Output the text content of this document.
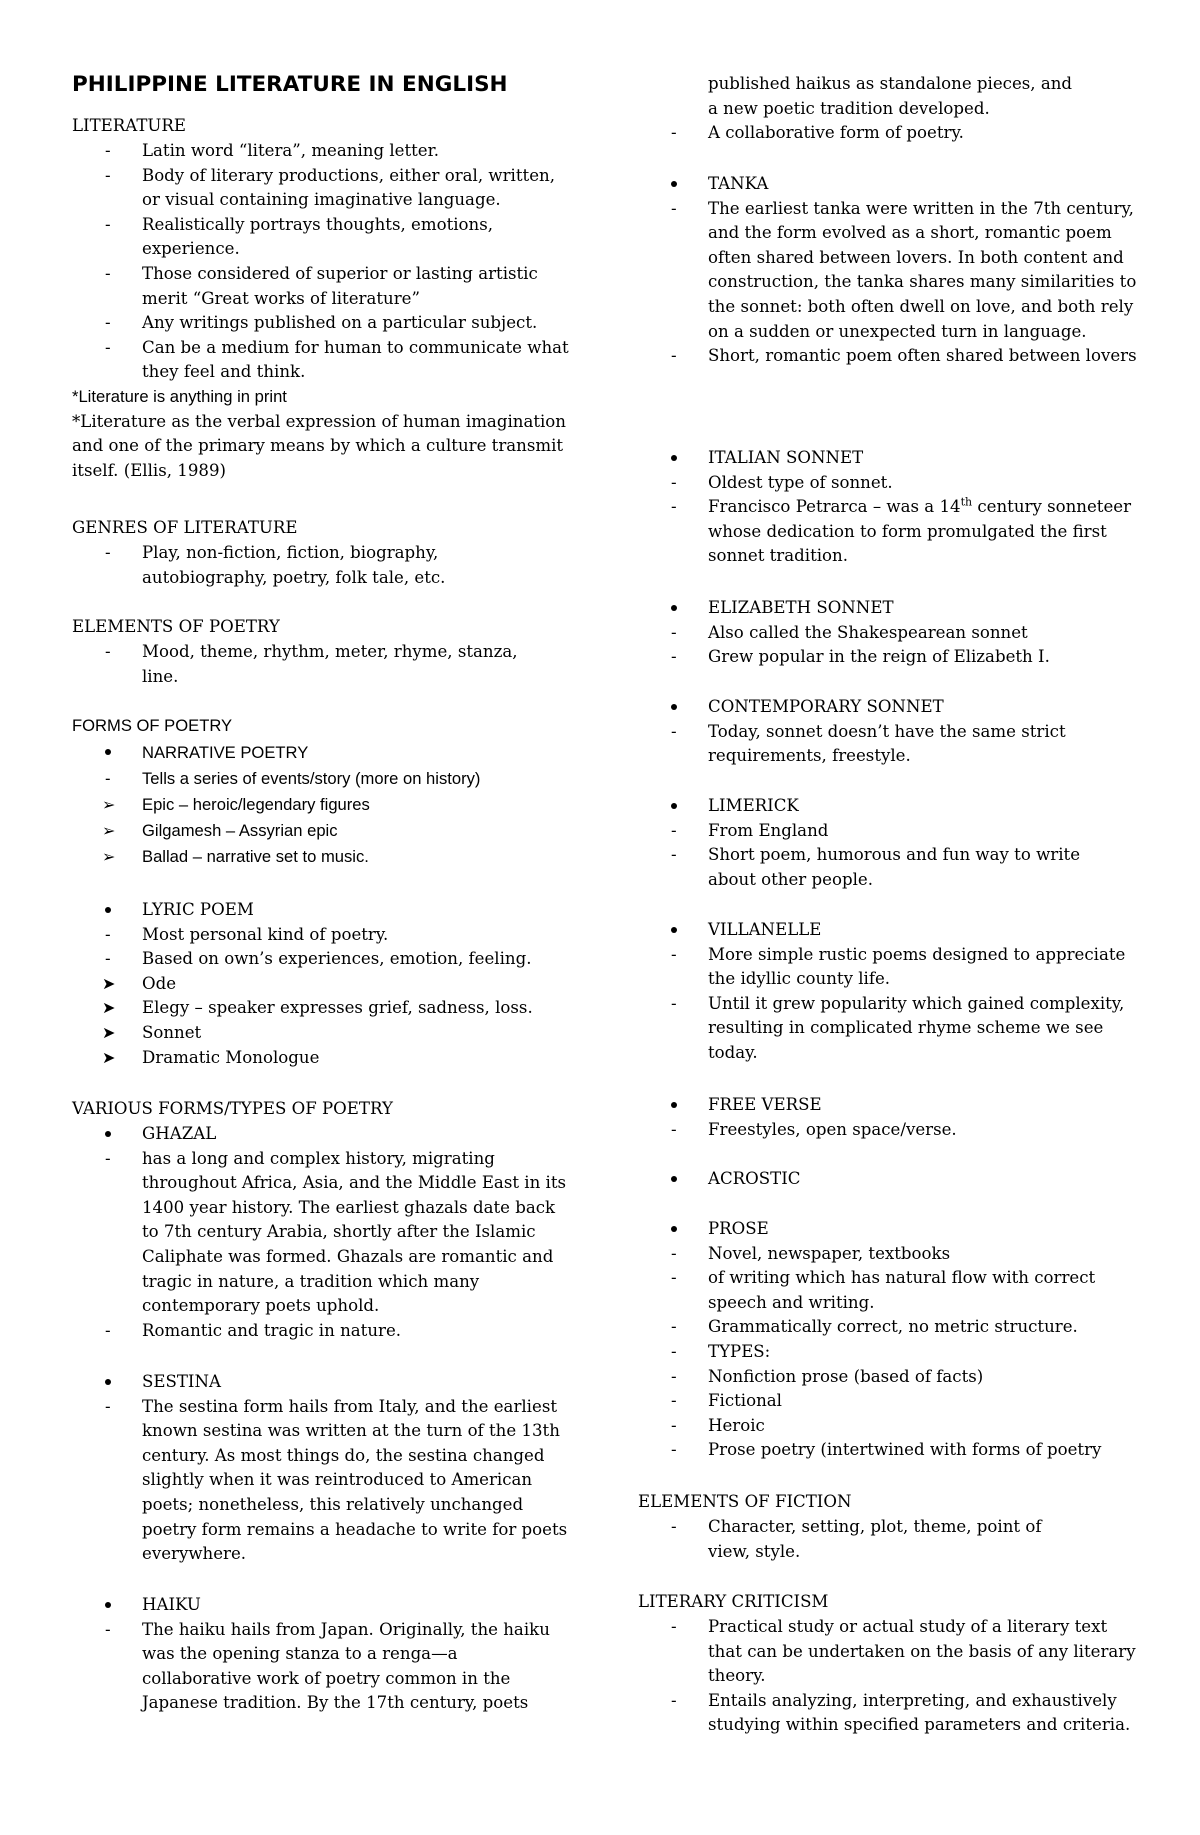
PHILIPPINE LITERATURE IN ENGLISH
LITERATURE
- Latin word “litera”, meaning letter.
- Body of literary productions, either oral, written, or visual containing imaginative language.
- Realistically portrays thoughts, emotions, experience.
- Those considered of superior or lasting artistic merit “Great works of literature”
- Any writings published on a particular subject.
- Can be a medium for human to communicate what they feel and think.
*Literature is anything in print
*Literature as the verbal expression of human imagination and one of the primary means by which a culture transmit itself. (Ellis, 1989)
GENRES OF LITERATURE
- Play, non-fiction, fiction, biography, autobiography, poetry, folk tale, etc.
ELEMENTS OF POETRY
- Mood, theme, rhythm, meter, rhyme, stanza, line.
FORMS OF POETRY
NARRATIVE POETRY
- Tells a series of events/story (more on history)
➢ Epic – heroic/legendary figures
➢ Gilgamesh – Assyrian epic
➢ Ballad – narrative set to music.
LYRIC POEM
- Most personal kind of poetry.
- Based on own’s experiences, emotion, feeling.
➤ Ode
➤ Elegy – speaker expresses grief, sadness, loss.
➤ Sonnet
➤ Dramatic Monologue
VARIOUS FORMS/TYPES OF POETRY
GHAZAL
- has a long and complex history, migrating throughout Africa, Asia, and the Middle East in its 1400 year history. The earliest ghazals date back to 7th century Arabia, shortly after the Islamic Caliphate was formed. Ghazals are romantic and tragic in nature, a tradition which many contemporary poets uphold.
- Romantic and tragic in nature.
SESTINA
- The sestina form hails from Italy, and the earliest known sestina was written at the turn of the 13th century. As most things do, the sestina changed slightly when it was reintroduced to American poets; nonetheless, this relatively unchanged poetry form remains a headache to write for poets everywhere.
HAIKU
- The haiku hails from Japan. Originally, the haiku was the opening stanza to a renga—a collaborative work of poetry common in the Japanese tradition. By the 17th century, poets
published haikus as standalone pieces, and a new poetic tradition developed.
- A collaborative form of poetry.
TANKA
- The earliest tanka were written in the 7th century, and the form evolved as a short, romantic poem often shared between lovers. In both content and construction, the tanka shares many similarities to the sonnet: both often dwell on love, and both rely on a sudden or unexpected turn in language.
- Short, romantic poem often shared between lovers
ITALIAN SONNET
- Oldest type of sonnet.
- Francisco Petrarca – was a 14th century sonneteer whose dedication to form promulgated the first sonnet tradition.
ELIZABETH SONNET
- Also called the Shakespearean sonnet
- Grew popular in the reign of Elizabeth I.
CONTEMPORARY SONNET
- Today, sonnet doesn’t have the same strict requirements, freestyle.
LIMERICK
- From England
- Short poem, humorous and fun way to write about other people.
VILLANELLE
- More simple rustic poems designed to appreciate the idyllic county life.
- Until it grew popularity which gained complexity, resulting in complicated rhyme scheme we see today.
FREE VERSE
- Freestyles, open space/verse.
ACROSTIC
PROSE
- Novel, newspaper, textbooks
- of writing which has natural flow with correct speech and writing.
- Grammatically correct, no metric structure.
- TYPES:
- Nonfiction prose (based of facts)
- Fictional
- Heroic
- Prose poetry (intertwined with forms of poetry
ELEMENTS OF FICTION
- Character, setting, plot, theme, point of view, style.
LITERARY CRITICISM
- Practical study or actual study of a literary text that can be undertaken on the basis of any literary theory.
- Entails analyzing, interpreting, and exhaustively studying within specified parameters and criteria.
